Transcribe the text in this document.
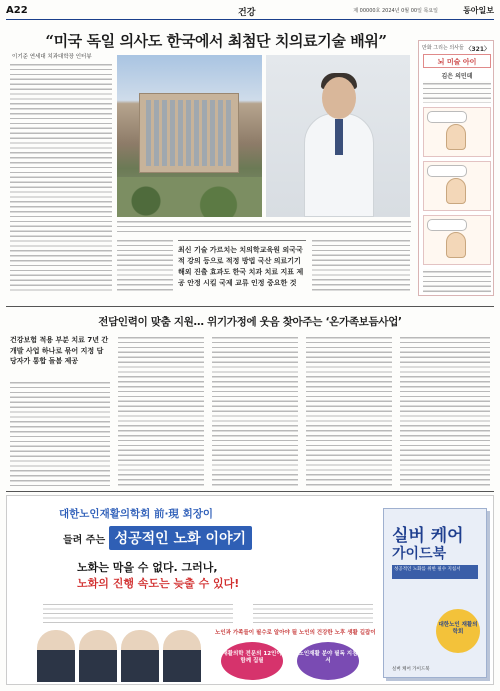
A22	건강	제 00000호 2024년 0월 00일 목요일	동아일보
“미국 독일 의사도 한국에서 최첨단 치의료기술 배워”
이기준 연세대 치과대학장 인터뷰
최신 기술 가르치는 치의학교육원 외국국적 강의 등으로 적정 방법 국산 의료기기 해외 진출 효과도 한국 치과 치료 지표 제공 안정 시킬 국제 교류 인정 중요한 것
만화 그리는 의사들 〈321〉
뇌 미술 아이
김은 의민데
전담인력이 맞춤 지원… 위기가정에 웃음 찾아주는 ‘온가족보듬사업’
건강보험 적용 부분 치료 7년 간 개발 사업 하나로 묶어 지정 담당자가 통합 돌봄 제공
대한노인재활의학회 前·現 회장이
들려 주는 성공적인 노화 이야기
노화는 막을 수 없다. 그러나,
노화의 진행 속도는 늦출 수 있다!
노인과 가족들이 필수로 알아야 될 노인의 건강한 노후 생활 길잡이
재활의학 전문의 12인이 함께 집필
노인재활 분야 필독 지침서
실버 케어
가이드북
성공적인 노화를 위한 필수 지침서
대한노인 재활의학회
실버 케어 가이드북
